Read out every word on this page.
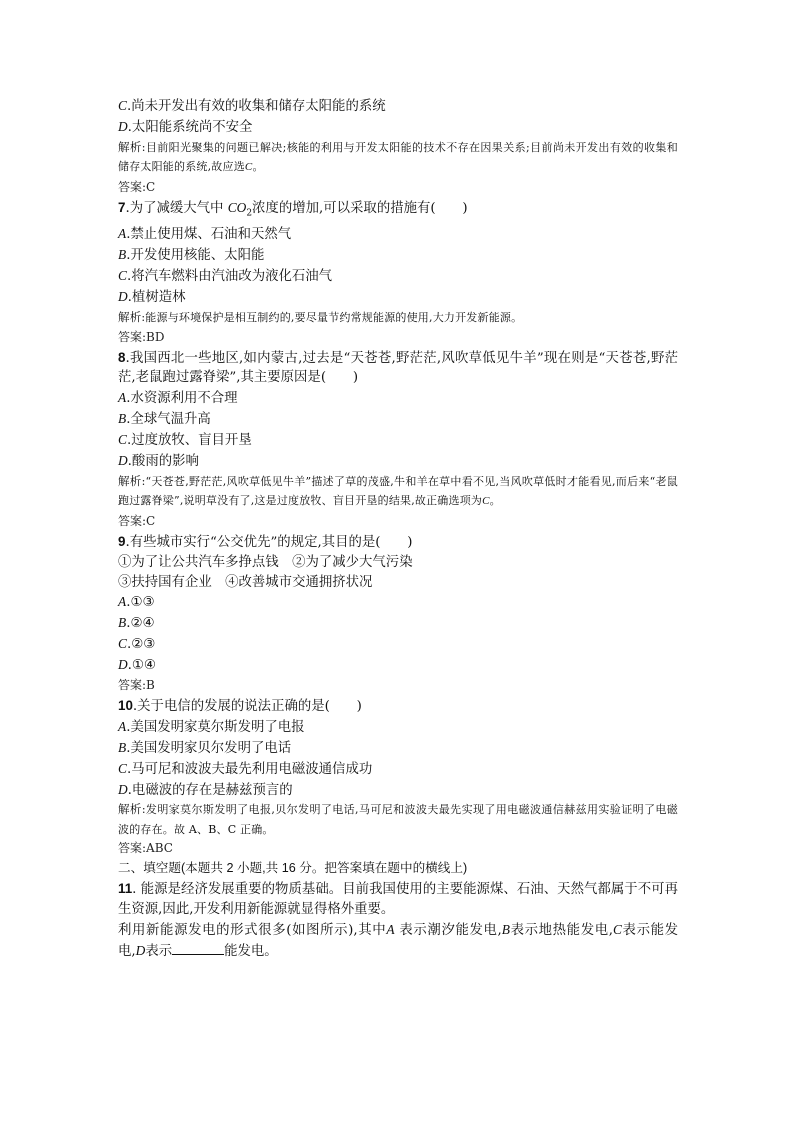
C.尚未开发出有效的收集和储存太阳能的系统
D.太阳能系统尚不安全
解析:目前阳光聚集的问题已解决;核能的利用与开发太阳能的技术不存在因果关系;目前尚未开发出有效的收集和储存太阳能的系统,故应选C。
答案:C
7.为了减缓大气中 $CO_2$浓度的增加,可以采取的措施有(　　)
A.禁止使用煤、石油和天然气
B.开发使用核能、太阳能
C.将汽车燃料由汽油改为液化石油气
D.植树造林
解析:能源与环境保护是相互制约的,要尽量节约常规能源的使用,大力开发新能源。
答案:BD
8.我国西北一些地区,如内蒙古,过去是“天苍苍,野茫茫,风吹草低见牛羊”现在则是“天苍苍,野茫茫,老鼠跑过露脊梁”,其主要原因是(　　)
A.水资源利用不合理
B.全球气温升高
C.过度放牧、盲目开垦
D.酸雨的影响
解析:“天苍苍,野茫茫,风吹草低见牛羊”描述了草的茂盛,牛和羊在草中看不见,当风吹草低时才能看见,而后来“老鼠跑过露脊梁”,说明草没有了,这是过度放牧、盲目开垦的结果,故正确选项为C。
答案:C
9.有些城市实行“公交优先”的规定,其目的是(　　)
①为了让公共汽车多挣点钱　②为了减少大气污染
③扶持国有企业　④改善城市交通拥挤状况
A.①③
B.②④
C.②③
D.①④
答案:B
10.关于电信的发展的说法正确的是(　　)
A.美国发明家莫尔斯发明了电报
B.美国发明家贝尔发明了电话
C.马可尼和波波夫最先利用电磁波通信成功
D.电磁波的存在是赫兹预言的
解析:发明家莫尔斯发明了电报,贝尔发明了电话,马可尼和波波夫最先实现了用电磁波通信赫兹用实验证明了电磁波的存在。故 A、B、C 正确。
答案:ABC
二、填空题(本题共 2 小题,共 16 分。把答案填在题中的横线上)
11. 能源是经济发展重要的物质基础。目前我国使用的主要能源煤、石油、天然气都属于不可再生资源,因此,开发利用新能源就显得格外重要。
利用新能源发电的形式很多(如图所示),其中A 表示潮汐能发电,B表示地热能发电,C表示能发电,D表示	能发电。
